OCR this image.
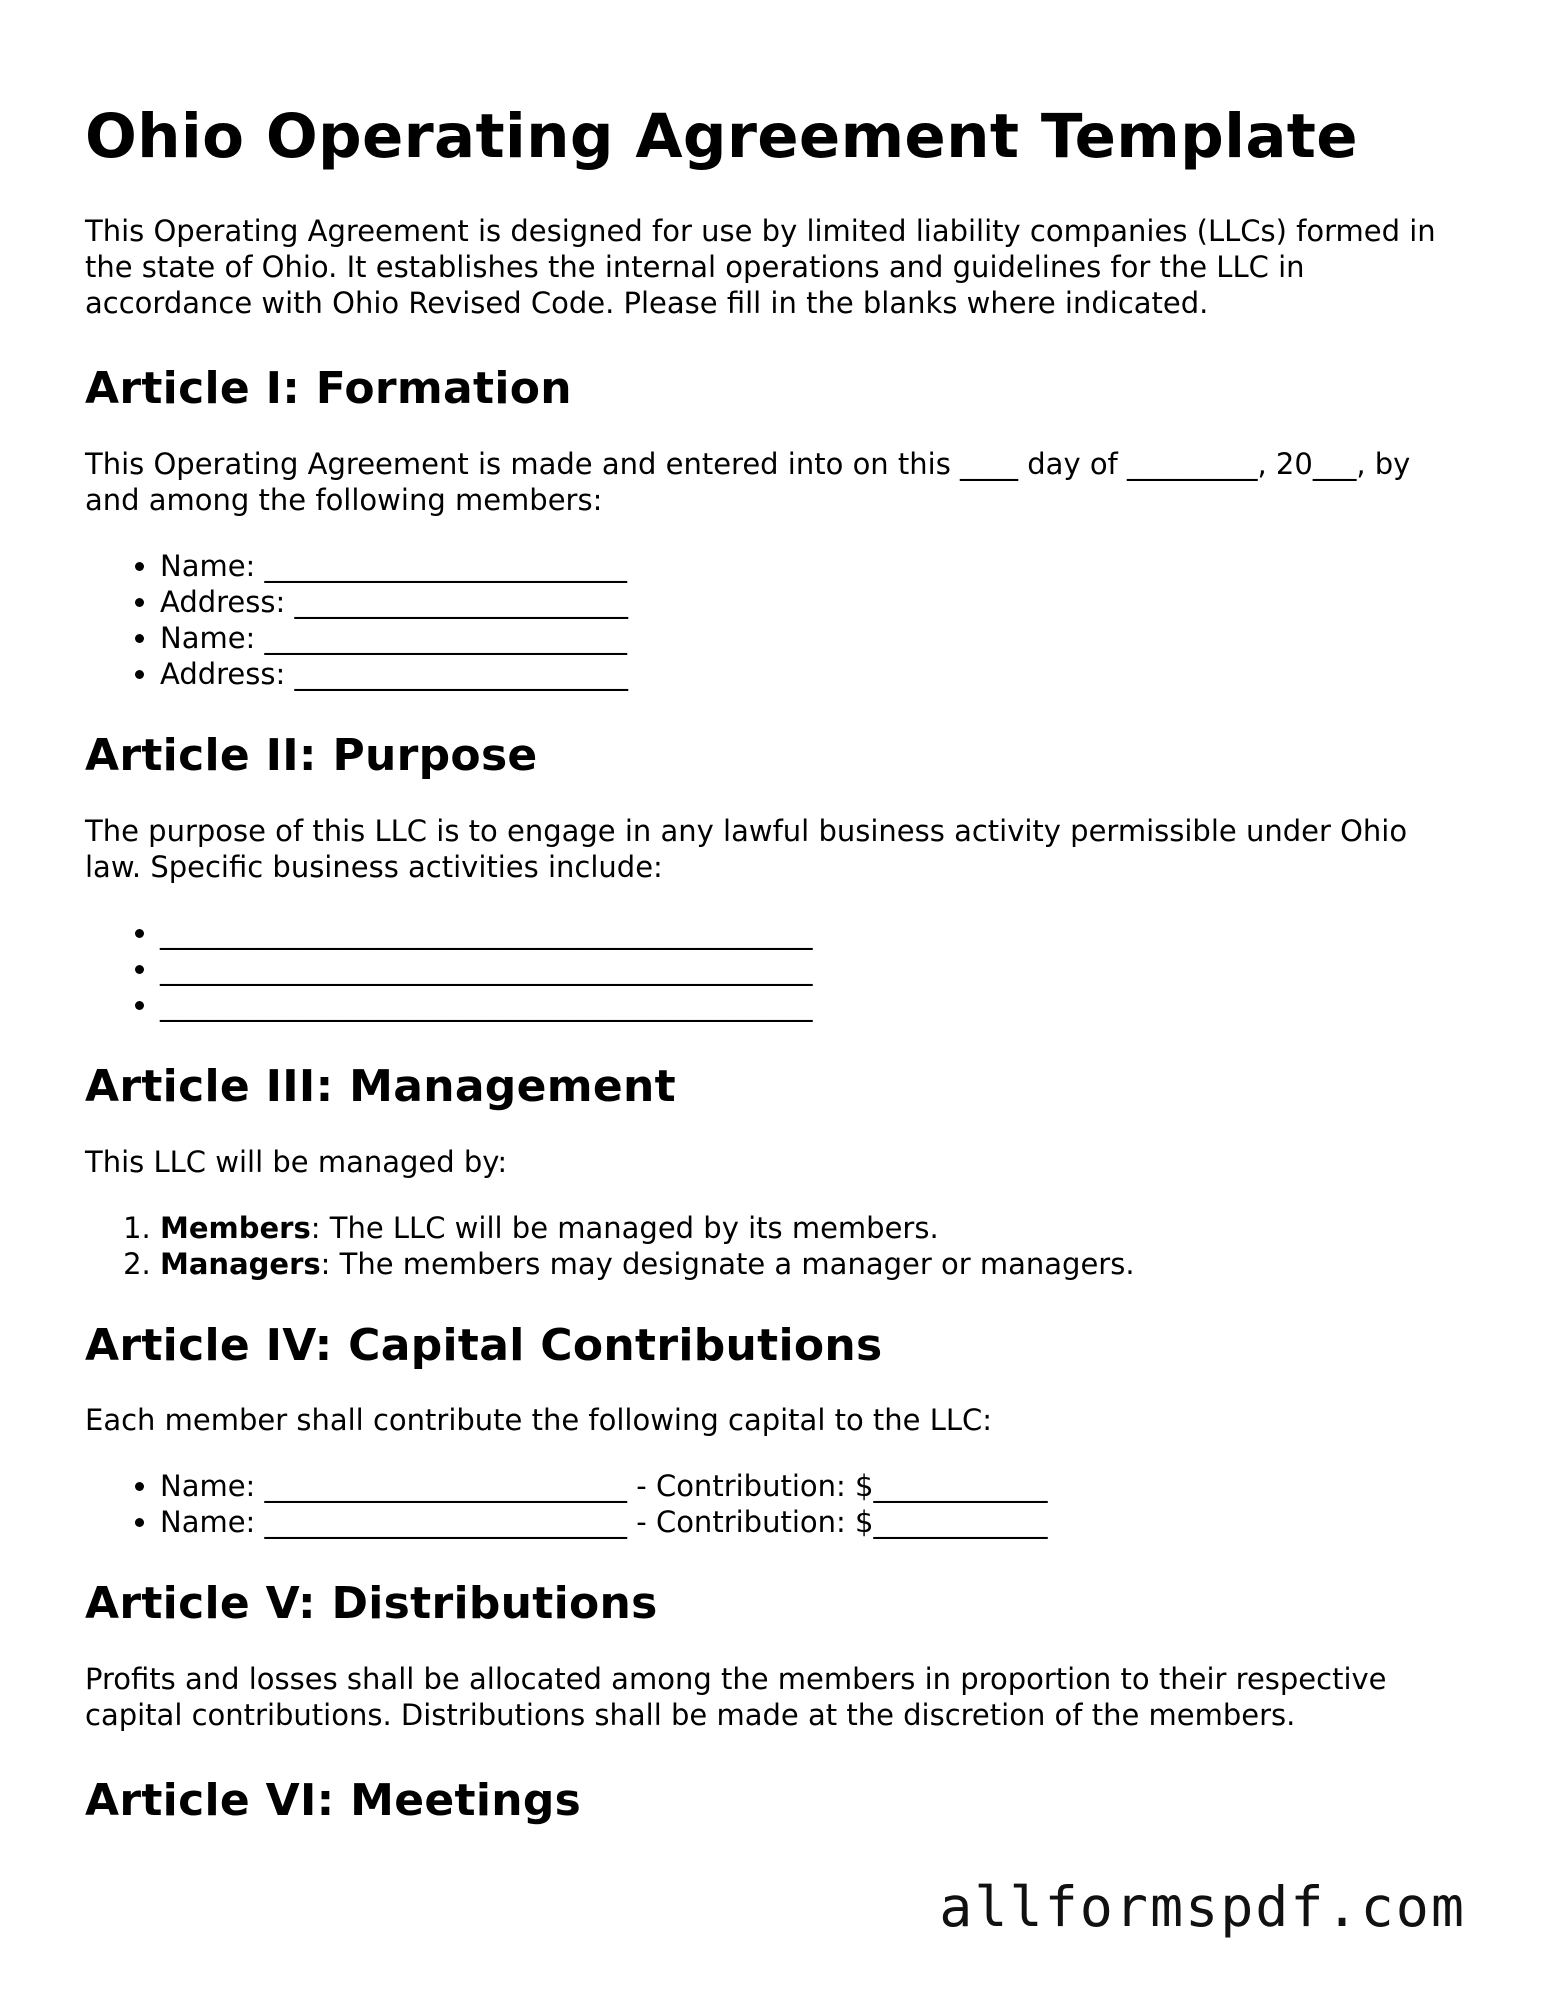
Ohio Operating Agreement Template

This Operating Agreement is designed for use by limited liability companies (LLCs) formed in the state of Ohio. It establishes the internal operations and guidelines for the LLC in accordance with Ohio Revised Code. Please fill in the blanks where indicated.

Article I: Formation

This Operating Agreement is made and entered into on this ____ day of _________, 20___, by and among the following members:

• Name: _________________________
• Address: _______________________
• Name: _________________________
• Address: _______________________
Article II: Purpose

The purpose of this LLC is to engage in any lawful business activity permissible under Ohio law. Specific business activities include:

• _____________________________________________
• _____________________________________________
• _____________________________________________
Article III: Management

This LLC will be managed by:

1. Members: The LLC will be managed by its members.
2. Managers: The members may designate a manager or managers.
Article IV: Capital Contributions

Each member shall contribute the following capital to the LLC:

• Name: _________________________ - Contribution: $____________
• Name: _________________________ - Contribution: $____________
Article V: Distributions

Profits and losses shall be allocated among the members in proportion to their respective capital contributions. Distributions shall be made at the discretion of the members.

Article VI: Meetings
allformspdf.com
